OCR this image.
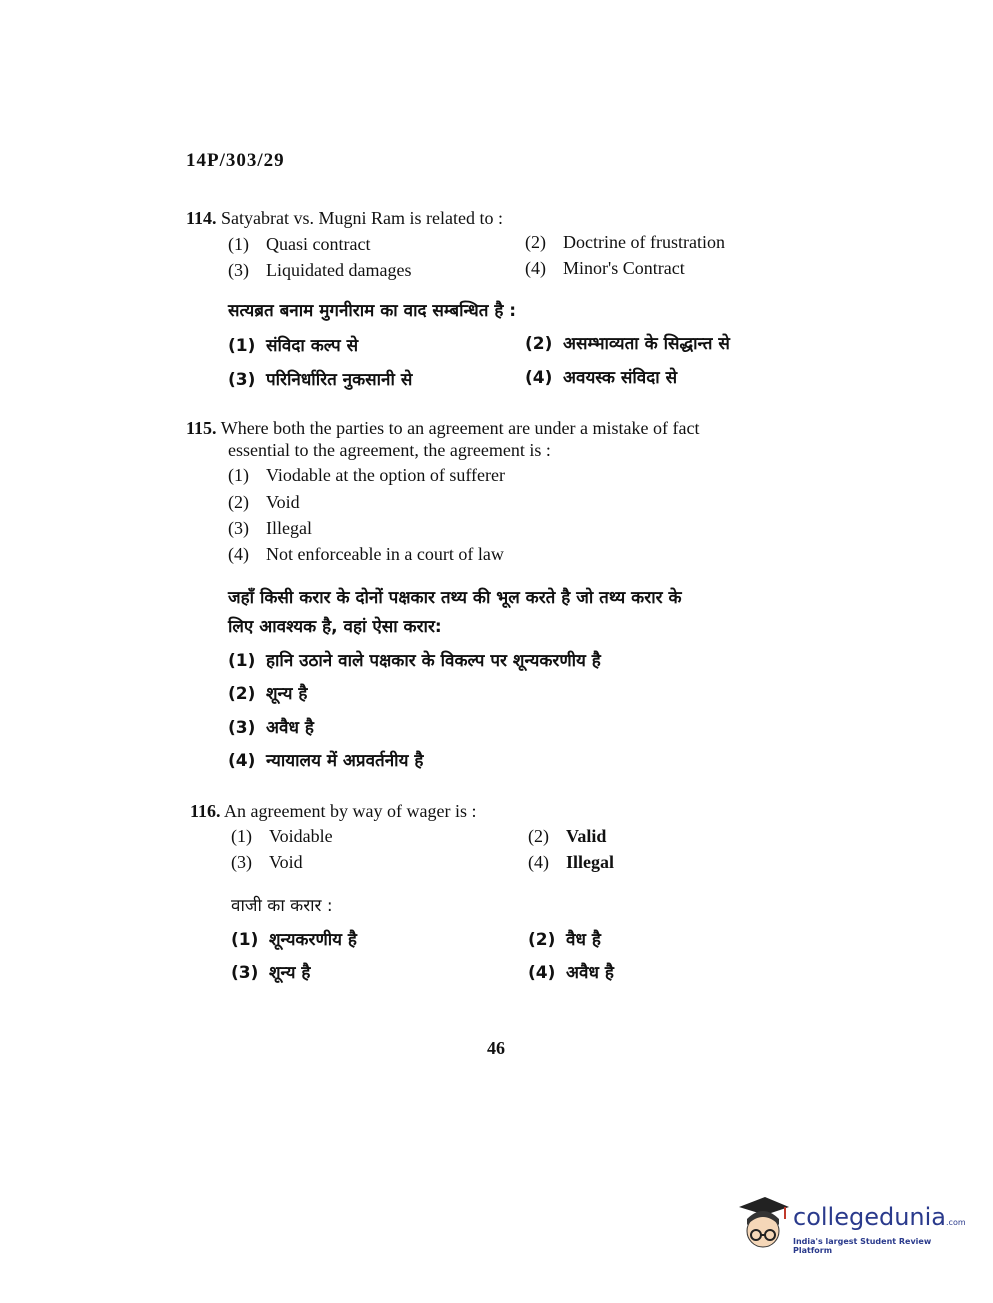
14P/303/29
114. Satyabrat vs. Mugni Ram is related to :
(1) Quasi contract	(2) Doctrine of frustration
(3) Liquidated damages	(4) Minor's Contract
सत्यब्रत बनाम मुगनीराम का वाद सम्बन्धित है :
(1) संविदा कल्प से	(2) असम्भाव्यता के सिद्धान्त से
(3) परिनिर्धारित नुकसानी से	(4) अवयस्क संविदा से
115. Where both the parties to an agreement are under a mistake of fact
essential to the agreement, the agreement is :
(1) Viodable at the option of sufferer
(2) Void
(3) Illegal
(4) Not enforceable in a court of law
जहाँ किसी करार के दोनों पक्षकार तथ्य की भूल करते है जो तथ्य करार के
लिए आवश्यक है, वहां ऐसा करार:
(1) हानि उठाने वाले पक्षकार के विकल्प पर शून्यकरणीय है
(2) शून्य है
(3) अवैध है
(4) न्यायालय में अप्रवर्तनीय है
116. An agreement by way of wager is :
(1) Voidable	(2) Valid
(3) Void	(4) Illegal
वाजी का करार :
(1) शून्यकरणीय है	(2) वैध है
(3) शून्य है	(4) अवैध है
46
collegedunia.com
India's largest Student Review Platform
